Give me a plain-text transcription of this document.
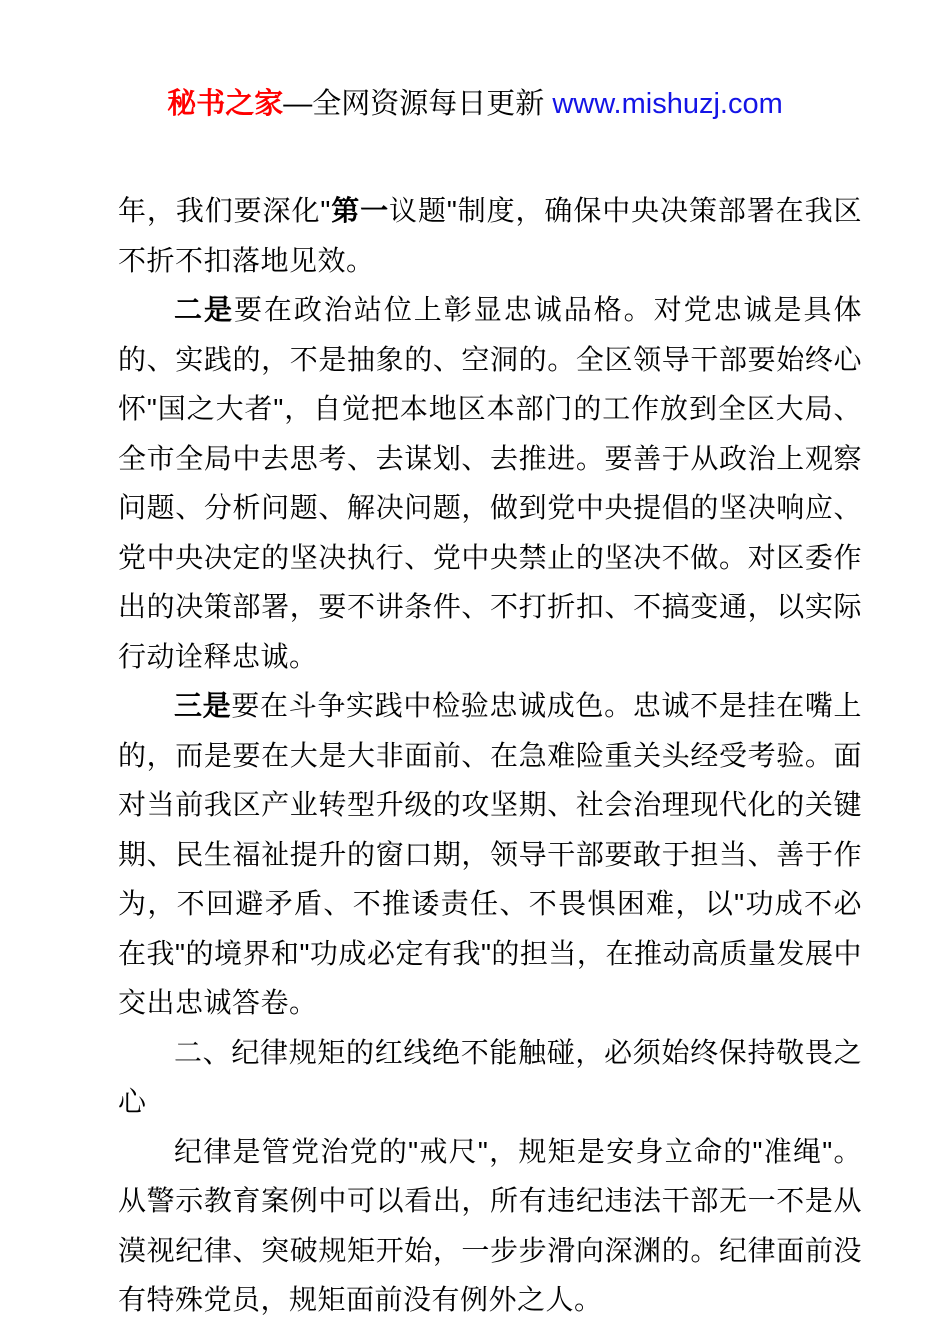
秘书之家—全网资源每日更新 www.mishuzj.com

年，我们要深化"第一议题"制度，确保中央决策部署在我区不折不扣落地见效。

二是要在政治站位上彰显忠诚品格。对党忠诚是具体的、实践的，不是抽象的、空洞的。全区领导干部要始终心怀"国之大者"，自觉把本地区本部门的工作放到全区大局、全市全局中去思考、去谋划、去推进。要善于从政治上观察问题、分析问题、解决问题，做到党中央提倡的坚决响应、党中央决定的坚决执行、党中央禁止的坚决不做。对区委作出的决策部署，要不讲条件、不打折扣、不搞变通，以实际行动诠释忠诚。

三是要在斗争实践中检验忠诚成色。忠诚不是挂在嘴上的，而是要在大是大非面前、在急难险重关头经受考验。面对当前我区产业转型升级的攻坚期、社会治理现代化的关键期、民生福祉提升的窗口期，领导干部要敢于担当、善于作为，不回避矛盾、不推诿责任、不畏惧困难，以"功成不必在我"的境界和"功成必定有我"的担当，在推动高质量发展中交出忠诚答卷。

二、纪律规矩的红线绝不能触碰，必须始终保持敬畏之心

纪律是管党治党的"戒尺"，规矩是安身立命的"准绳"。从警示教育案例中可以看出，所有违纪违法干部无一不是从漠视纪律、突破规矩开始，一步步滑向深渊的。纪律面前没有特殊党员，规矩面前没有例外之人。
